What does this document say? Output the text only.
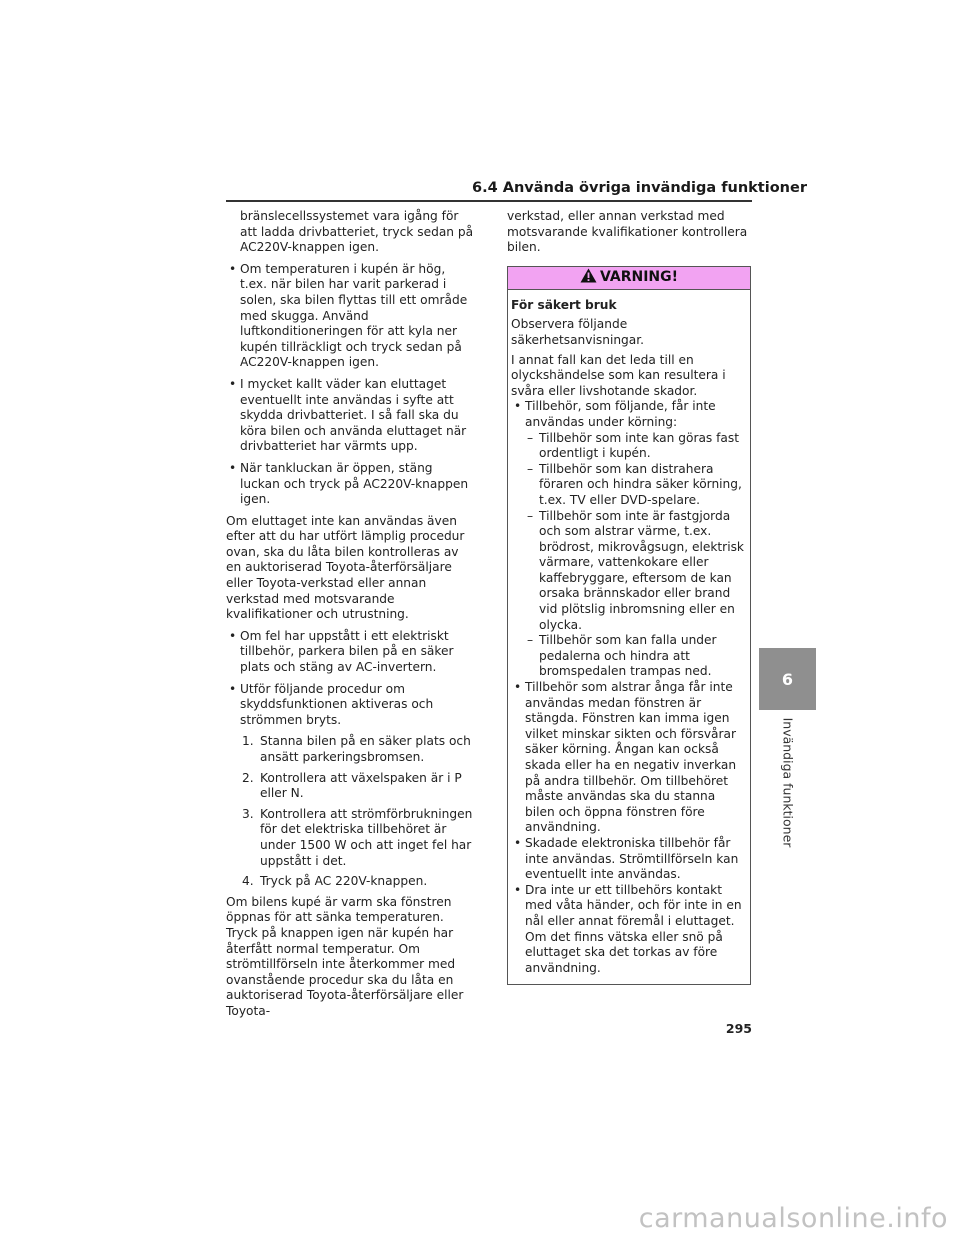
6.4 Använda övriga invändiga funktioner

bränslecellssystemet vara igång för att ladda drivbatteriet, tryck sedan på AC220V-knappen igen.

• Om temperaturen i kupén är hög, t.ex. när bilen har varit parkerad i solen, ska bilen flyttas till ett område med skugga. Använd luftkonditioneringen för att kyla ner kupén tillräckligt och tryck sedan på AC220V-knappen igen.
• I mycket kallt väder kan eluttaget eventuellt inte användas i syfte att skydda drivbatteriet. I så fall ska du köra bilen och använda eluttaget när drivbatteriet har värmts upp.
• När tankluckan är öppen, stäng luckan och tryck på AC220V-knappen igen.

Om eluttaget inte kan användas även efter att du har utfört lämplig procedur ovan, ska du låta bilen kontrolleras av en auktoriserad Toyota-återförsäljare eller Toyota-verkstad eller annan verkstad med motsvarande kvalifikationer och utrustning.

• Om fel har uppstått i ett elektriskt tillbehör, parkera bilen på en säker plats och stäng av AC-invertern.
• Utför följande procedur om skyddsfunktionen aktiveras och strömmen bryts.
1. Stanna bilen på en säker plats och ansätt parkeringsbromsen.
2. Kontrollera att växelspaken är i P eller N.
3. Kontrollera att strömförbrukningen för det elektriska tillbehöret är under 1500 W och att inget fel har uppstått i det.
4. Tryck på AC 220V-knappen.

Om bilens kupé är varm ska fönstren öppnas för att sänka temperaturen. Tryck på knappen igen när kupén har återfått normal temperatur. Om strömtillförseln inte återkommer med ovanstående procedur ska du låta en auktoriserad Toyota-återförsäljare eller Toyota-

verkstad, eller annan verkstad med motsvarande kvalifikationer kontrollera bilen.

VARNING!

För säkert bruk

Observera följande säkerhetsanvisningar.

I annat fall kan det leda till en olyckshändelse som kan resultera i svåra eller livshotande skador.

• Tillbehör, som följande, får inte användas under körning:
– Tillbehör som inte kan göras fast ordentligt i kupén.
– Tillbehör som kan distrahera föraren och hindra säker körning, t.ex. TV eller DVD-spelare.
– Tillbehör som inte är fastgjorda och som alstrar värme, t.ex. brödrost, mikrovågsugn, elektrisk värmare, vattenkokare eller kaffebryggare, eftersom de kan orsaka brännskador eller brand vid plötslig inbromsning eller en olycka.
– Tillbehör som kan falla under pedalerna och hindra att bromspedalen trampas ned.
• Tillbehör som alstrar ånga får inte användas medan fönstren är stängda. Fönstren kan imma igen vilket minskar sikten och försvårar säker körning. Ångan kan också skada eller ha en negativ inverkan på andra tillbehör. Om tillbehöret måste användas ska du stanna bilen och öppna fönstren före användning.
• Skadade elektroniska tillbehör får inte användas. Strömtillförseln kan eventuellt inte användas.
• Dra inte ur ett tillbehörs kontakt med våta händer, och för inte in en nål eller annat föremål i eluttaget. Om det finns vätska eller snö på eluttaget ska det torkas av före användning.
6
Invändiga funktioner
295
carmanualsonline.info
